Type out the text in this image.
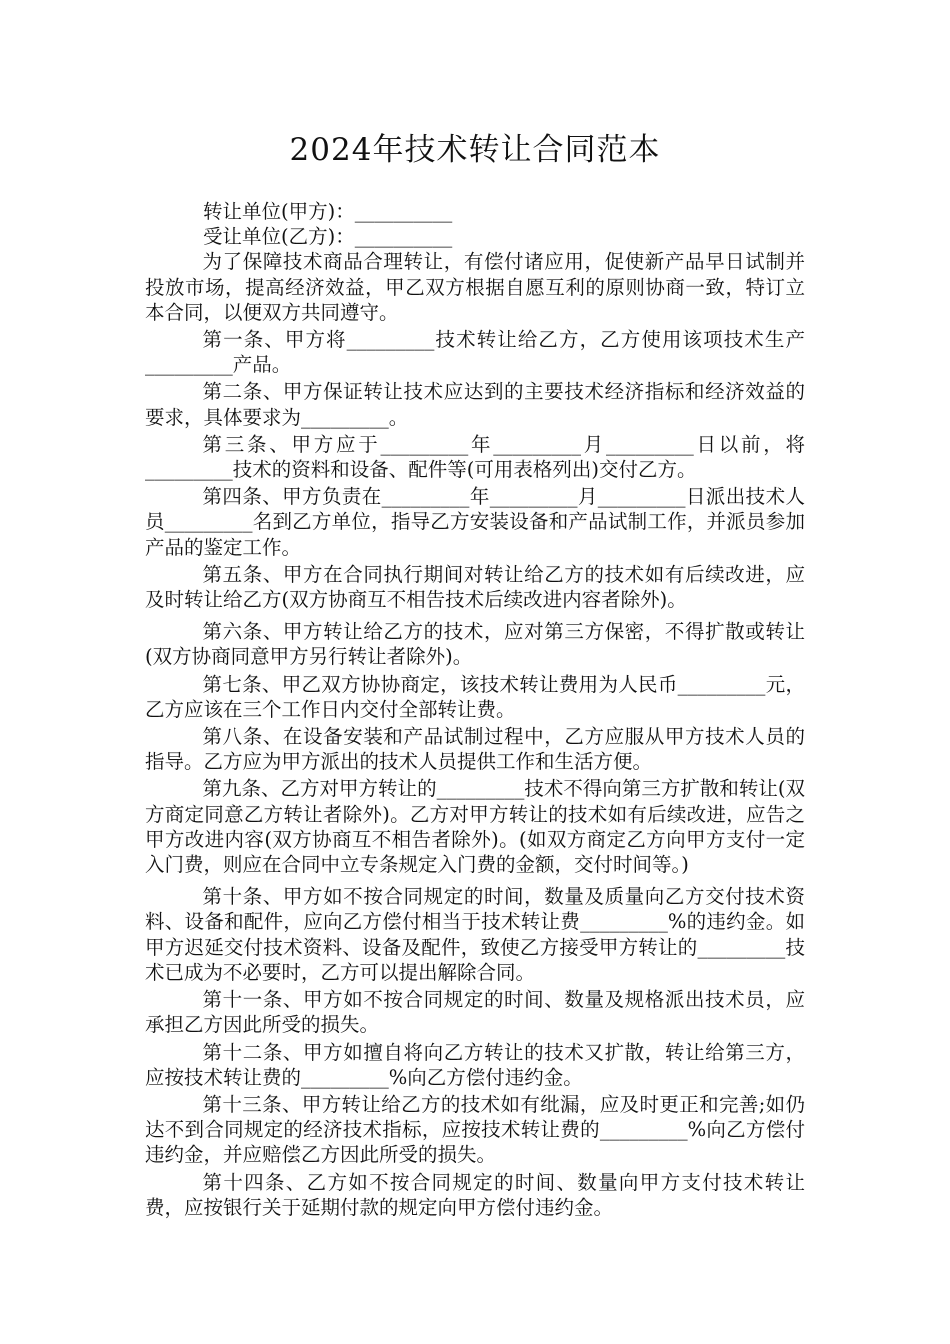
2024年技术转让合同范本
转让单位(甲方)：__________
受让单位(乙方)：__________

为了保障技术商品合理转让，有偿付诸应用，促使新产品早日试制并投放市场，提高经济效益，甲乙双方根据自愿互利的原则协商一致，特订立本合同，以便双方共同遵守。

第一条、甲方将_________技术转让给乙方，乙方使用该项技术生产_________产品。

第二条、甲方保证转让技术应达到的主要技术经济指标和经济效益的要求，具体要求为_________。

第三条、甲方应于_________年_________月_________日以前，将_________技术的资料和设备、配件等(可用表格列出)交付乙方。

第四条、甲方负责在_________年_________月_________日派出技术人员_________名到乙方单位，指导乙方安装设备和产品试制工作，并派员参加产品的鉴定工作。

第五条、甲方在合同执行期间对转让给乙方的技术如有后续改进，应及时转让给乙方(双方协商互不相告技术后续改进内容者除外)。

第六条、甲方转让给乙方的技术，应对第三方保密，不得扩散或转让(双方协商同意甲方另行转让者除外)。

第七条、甲乙双方协协商定，该技术转让费用为人民币_________元，乙方应该在三个工作日内交付全部转让费。

第八条、在设备安装和产品试制过程中，乙方应服从甲方技术人员的指导。乙方应为甲方派出的技术人员提供工作和生活方便。

第九条、乙方对甲方转让的_________技术不得向第三方扩散和转让(双方商定同意乙方转让者除外)。乙方对甲方转让的技术如有后续改进，应告之甲方改进内容(双方协商互不相告者除外)。(如双方商定乙方向甲方支付一定入门费，则应在合同中立专条规定入门费的金额，交付时间等。)

第十条、甲方如不按合同规定的时间，数量及质量向乙方交付技术资料、设备和配件，应向乙方偿付相当于技术转让费_________%的违约金。如甲方迟延交付技术资料、设备及配件，致使乙方接受甲方转让的_________技术已成为不必要时，乙方可以提出解除合同。

第十一条、甲方如不按合同规定的时间、数量及规格派出技术员，应承担乙方因此所受的损失。

第十二条、甲方如擅自将向乙方转让的技术又扩散，转让给第三方，应按技术转让费的_________%向乙方偿付违约金。

第十三条、甲方转让给乙方的技术如有纰漏，应及时更正和完善;如仍达不到合同规定的经济技术指标，应按技术转让费的_________%向乙方偿付违约金，并应赔偿乙方因此所受的损失。

第十四条、乙方如不按合同规定的时间、数量向甲方支付技术转让费，应按银行关于延期付款的规定向甲方偿付违约金。
